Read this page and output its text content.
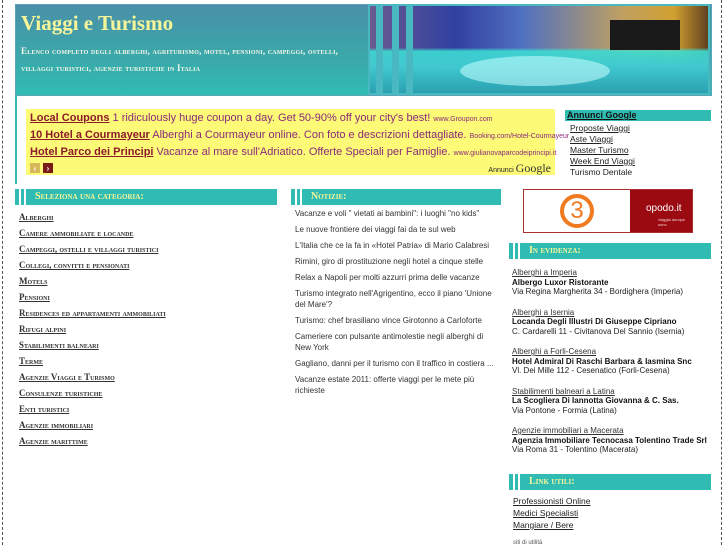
Viaggi e Turismo
Elenco completo degli alberghi, agriturismo, motel, pensioni, campeggi, ostelli, villaggi turistici, agenzie turistiche in Italia
Local Coupons 1 ridiculously huge coupon a day. Get 50-90% off your city's best! www.Groupon.com
10 Hotel a Courmayeur Alberghi a Courmayeur online. Con foto e descrizioni dettagliate. Booking.com/Hotel-Courmayeur
Hotel Parco dei Principi Vacanze al mare sull'Adriatico. Offerte Speciali per Famiglie. www.giulianovaparcodeiprincipi.it
‹	›	Annunci Google
Annunci Google
Proposte Viaggi
Aste Viaggi
Master Turismo
Week End Viaggi
Turismo Dentale
Seleziona una categoria:
Alberghi
Camere ammobiliate e locande
Campeggi, ostelli e villaggi turistici
Collegi, convitti e pensionati
Motels
Pensioni
Residences ed appartamenti ammobiliati
Rifugi alpini
Stabilimenti balneari
Terme
Agenzie Viaggi e Turismo
Consulenze turistiche
Enti turistici
Agenzie immobiliari
Agenzie marittime
Notizie:
Vacanze e voli " vietati ai bambini": i luoghi "no kids"
Le nuove frontiere dei viaggi fai da te sul web
L'Italia che ce la fa in «Hotel Patria» di Mario Calabresi
Rimini, giro di prostituzione negli hotel a cinque stelle
Relax a Napoli per molti azzurri prima delle vacanze
Turismo integrato nell'Agrigentino, ecco il piano 'Unione del Mare'?
Turismo: chef brasiliano vince Girotonno a Carloforte
Cameriere con pulsante antimolestie negli alberghi di New York
Gagliano, danni per il turismo con il traffico in costiera ...
Vacanze estate 2011: offerte viaggi per le mete più richieste
3	opodo.it
viaggia dunque sono
In evidenza:
Alberghi a Imperia
Albergo Luxor Ristorante
Via Regina Margherita 34 - Bordighera (Imperia)
Alberghi a Isernia
Locanda Degli Illustri Di Giuseppe Cipriano
C. Cardarelli 11 - Civitanova Del Sannio (Isernia)
Alberghi a Forli-Cesena
Hotel Admiral Di Raschi Barbara & Iasmina Snc
Vl. Dei Mille 112 - Cesenatico (Forli-Cesena)
Stabilimenti balneari a Latina
La Scogliera Di Iannotta Giovanna & C. Sas.
Via Pontone - Formia (Latina)
Agenzie immobiliari a Macerata
Agenzia Immobiliare Tecnocasa Tolentino Trade Srl
Via Roma 31 - Tolentino (Macerata)
Link utili:
Professionisti Online
Medici Specialisti
Mangiare / Bere
siti di utilità
